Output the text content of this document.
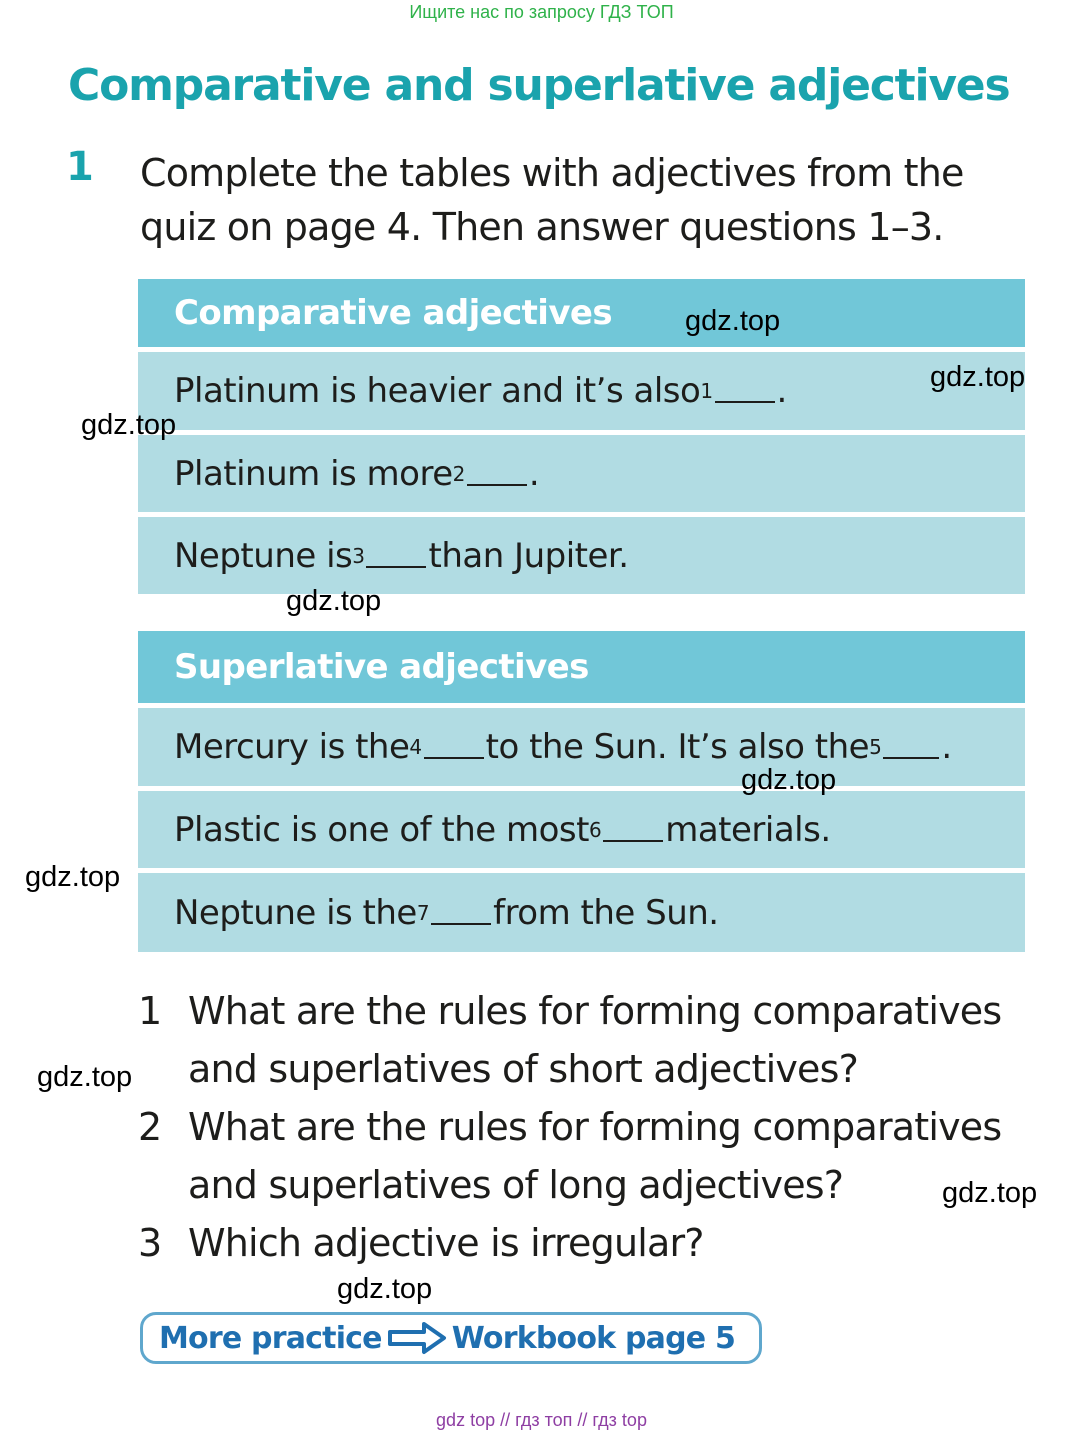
Ищите нас по запросу ГДЗ ТОП
Comparative and superlative adjectives
1 Complete the tables with adjectives from the quiz on page 4. Then answer questions 1–3.
Comparative adjectives
Platinum is heavier and it’s also 1 .
Platinum is more 2 .
Neptune is 3 than Jupiter.
Superlative adjectives
Mercury is the 4 to the Sun. It’s also the 5 .
Plastic is one of the most 6 materials.
Neptune is the 7 from the Sun.
1 What are the rules for forming comparatives and superlatives of short adjectives?
2 What are the rules for forming comparatives and superlatives of long adjectives?
3 Which adjective is irregular?
More practice Workbook page 5
gdz.top
gdz.top
gdz.top
gdz.top
gdz.top
gdz.top
gdz.top
gdz.top
gdz.top
gdz top // гдз топ // гдз top
